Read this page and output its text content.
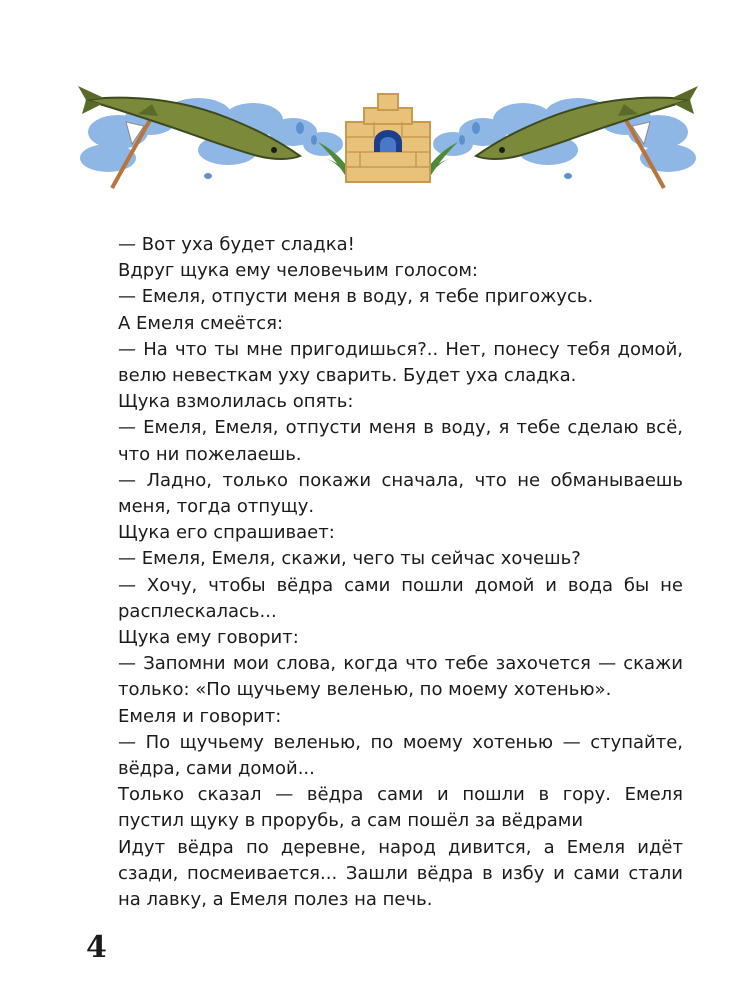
— Вот уха будет сладка!

Вдруг щука ему человечьим голосом:

— Емеля, отпусти меня в воду, я тебе пригожусь.

А Емеля смеётся:

— На что ты мне пригодишься?.. Нет, понесу тебя домой, велю невесткам уху сварить. Будет уха сладка.

Щука взмолилась опять:

— Емеля, Емеля, отпусти меня в воду, я тебе сделаю всё, что ни пожелаешь.

— Ладно, только покажи сначала, что не обманываешь меня, тогда отпущу.

Щука его спрашивает:

— Емеля, Емеля, скажи, чего ты сейчас хочешь?

— Хочу, чтобы вёдра сами пошли домой и вода бы не расплескалась...

Щука ему говорит:

— Запомни мои слова, когда что тебе захочется — скажи только: «По щучьему веленью, по моему хотенью».

Емеля и говорит:

— По щучьему веленью, по моему хотенью — ступайте, вёдра, сами домой...

Только сказал — вёдра сами и пошли в гору. Емеля пустил щуку в прорубь, а сам пошёл за вёдрами

Идут вёдра по деревне, народ дивится, а Емеля идёт сзади, посмеивается... Зашли вёдра в избу и сами стали на лавку, а Емеля полез на печь.

4
